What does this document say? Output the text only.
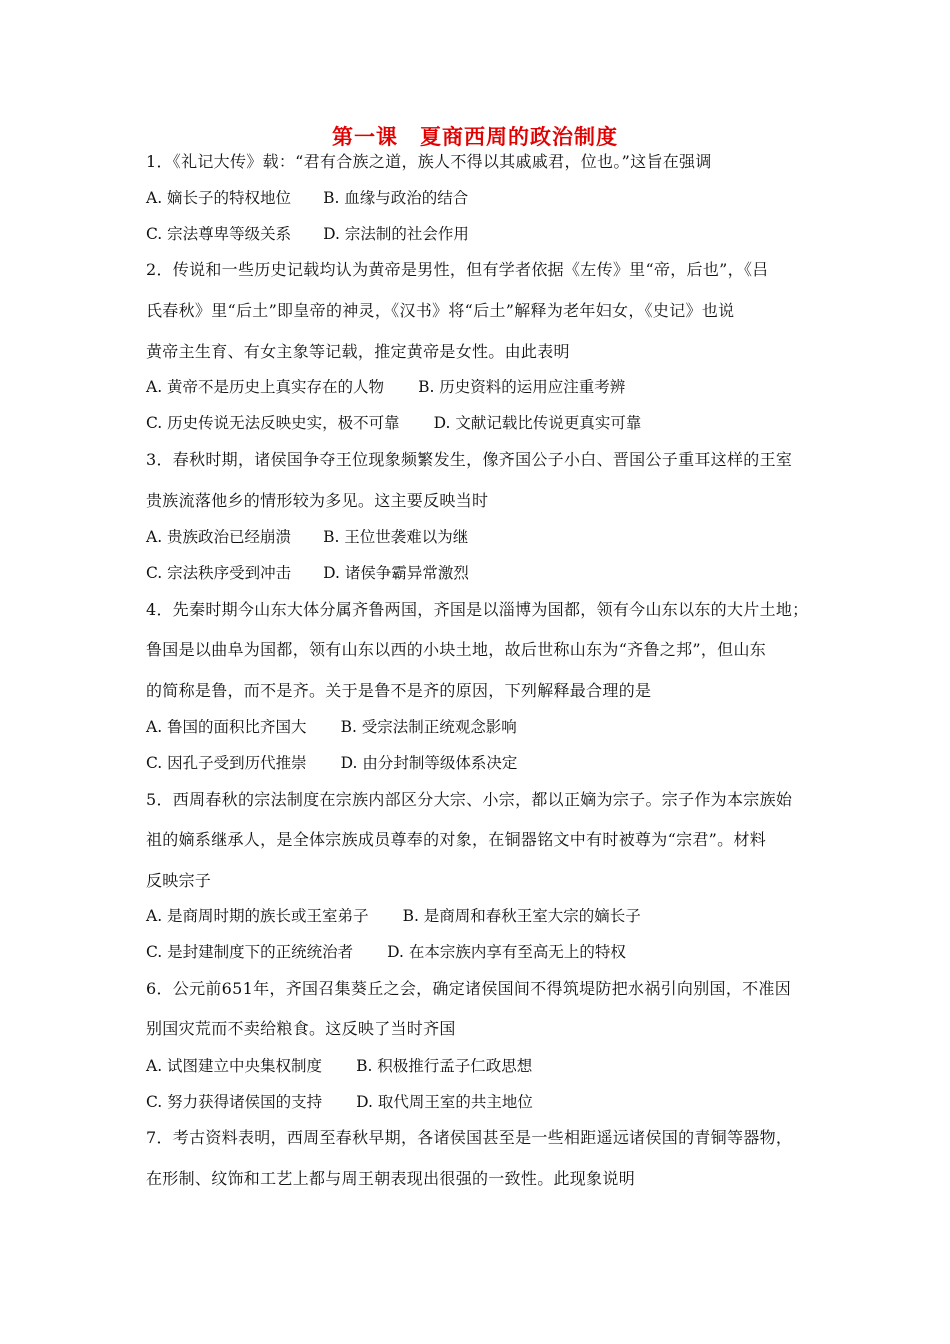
第一课　夏商西周的政治制度
1．《礼记大传》载：“君有合族之道，族人不得以其戚戚君，位也。”这旨在强调
A. 嫡长子的特权地位 B. 血缘与政治的结合
C. 宗法尊卑等级关系 D. 宗法制的社会作用
2．传说和一些历史记载均认为黄帝是男性，但有学者依据《左传》里“帝，后也”，《吕
氏春秋》里“后土”即皇帝的神灵，《汉书》将“后土”解释为老年妇女，《史记》也说
黄帝主生育、有女主象等记载，推定黄帝是女性。由此表明
A. 黄帝不是历史上真实存在的人物 B. 历史资料的运用应注重考辨
C. 历史传说无法反映史实，极不可靠 D. 文献记载比传说更真实可靠
3．春秋时期，诸侯国争夺王位现象频繁发生，像齐国公子小白、晋国公子重耳这样的王室
贵族流落他乡的情形较为多见。这主要反映当时
A. 贵族政治已经崩溃 B. 王位世袭难以为继
C. 宗法秩序受到冲击 D. 诸侯争霸异常激烈
4．先秦时期今山东大体分属齐鲁两国，齐国是以淄博为国都，领有今山东以东的大片土地；
鲁国是以曲阜为国都，领有山东以西的小块土地，故后世称山东为“齐鲁之邦”，但山东
的简称是鲁，而不是齐。关于是鲁不是齐的原因，下列解释最合理的是
A. 鲁国的面积比齐国大 B. 受宗法制正统观念影响
C. 因孔子受到历代推崇 D. 由分封制等级体系决定
5．西周春秋的宗法制度在宗族内部区分大宗、小宗，都以正嫡为宗子。宗子作为本宗族始
祖的嫡系继承人，是全体宗族成员尊奉的对象，在铜器铭文中有时被尊为“宗君”。材料
反映宗子
A. 是商周时期的族长或王室弟子 B. 是商周和春秋王室大宗的嫡长子
C. 是封建制度下的正统统治者 D. 在本宗族内享有至高无上的特权
6．公元前651年，齐国召集葵丘之会，确定诸侯国间不得筑堤防把水祸引向别国，不准因
别国灾荒而不卖给粮食。这反映了当时齐国
A. 试图建立中央集权制度 B. 积极推行孟子仁政思想
C. 努力获得诸侯国的支持 D. 取代周王室的共主地位
7．考古资料表明，西周至春秋早期，各诸侯国甚至是一些相距遥远诸侯国的青铜等器物，
在形制、纹饰和工艺上都与周王朝表现出很强的一致性。此现象说明
